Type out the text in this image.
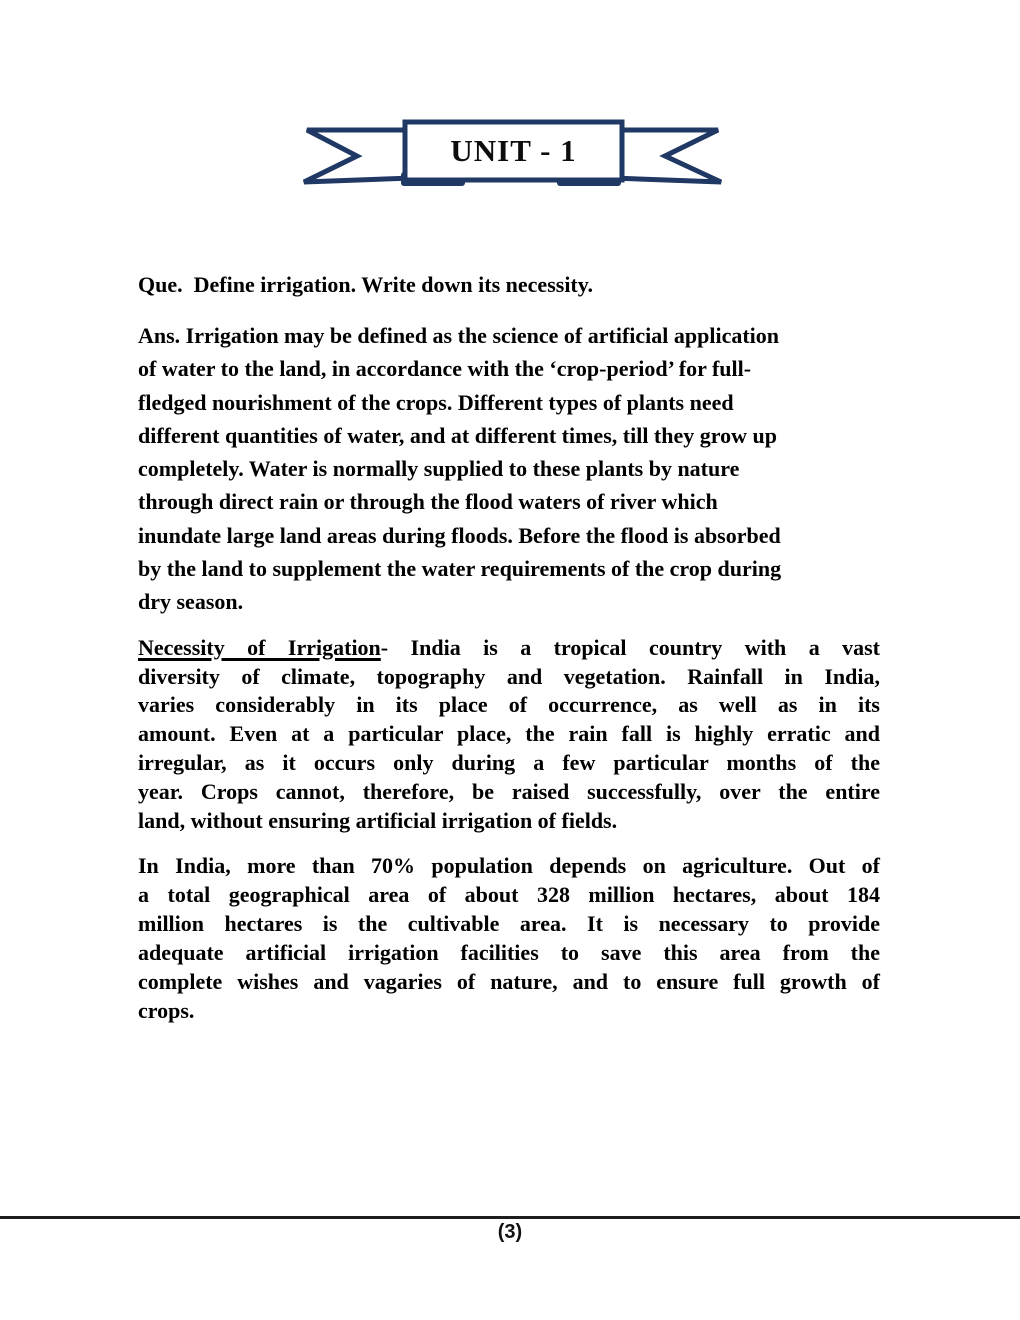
UNIT - 1
Que.  Define irrigation. Write down its necessity.
Ans. Irrigation may be defined as the science of artificial application
of water to the land, in accordance with the ‘crop-period’ for full-
fledged nourishment of the crops. Different types of plants need
different quantities of water, and at different times, till they grow up
completely. Water is normally supplied to these plants by nature
through direct rain or through the flood waters of river which
inundate large land areas during floods. Before the flood is absorbed
by the land to supplement the water requirements of the crop during
dry season.
Necessity of Irrigation- India is a tropical country with a vast
diversity of climate, topography and vegetation. Rainfall in India,
varies considerably in its place of occurrence, as well as in its
amount. Even at a particular place, the rain fall is highly erratic and
irregular, as it occurs only during a few particular months of the
year. Crops cannot, therefore, be raised successfully, over the entire
land, without ensuring artificial irrigation of fields.
In India, more than 70% population depends on agriculture. Out of
a total geographical area of about 328 million hectares, about 184
million hectares is the cultivable area. It is necessary to provide
adequate artificial irrigation facilities to save this area from the
complete wishes and vagaries of nature, and to ensure full growth of
crops.
(3)
